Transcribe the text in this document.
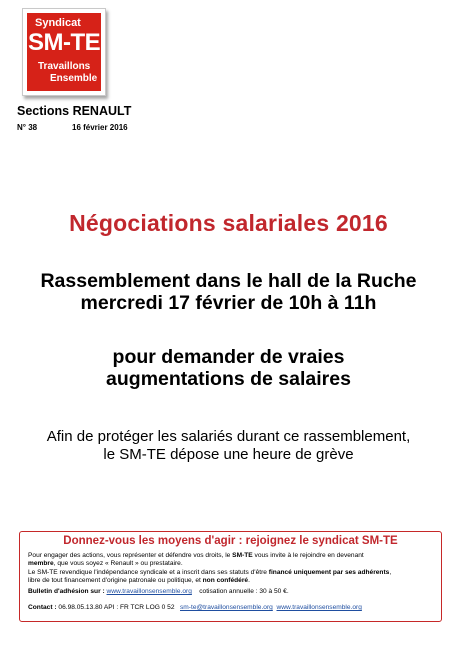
Syndicat
SM-TE
Travaillons
Ensemble
Sections RENAULT
N° 38	16 février 2016
Négociations salariales 2016
Rassemblement dans le hall de la Ruche
mercredi 17 février de 10h à 11h
pour demander de vraies
augmentations de salaires
Afin de protéger les salariés durant ce rassemblement,
le SM-TE dépose une heure de grève
Donnez-vous les moyens d'agir : rejoignez le syndicat SM-TE

Pour engager des actions, vous représenter et défendre vos droits, le SM-TE vous invite à le rejoindre en devenant
membre, que vous soyez « Renault » ou prestataire.

Le SM-TE revendique l'indépendance syndicale et a inscrit dans ses statuts d'être financé uniquement par ses adhérents,
libre de tout financement d'origine patronale ou politique, et non confédéré.

Bulletin d'adhésion sur : www.travaillonsensemble.org cotisation annuelle : 30 à 50 €.

Contact : 06.98.05.13.80 API : FR TCR LOG 0 52 sm-te@travaillonsensemble.org www.travaillonsensemble.org
